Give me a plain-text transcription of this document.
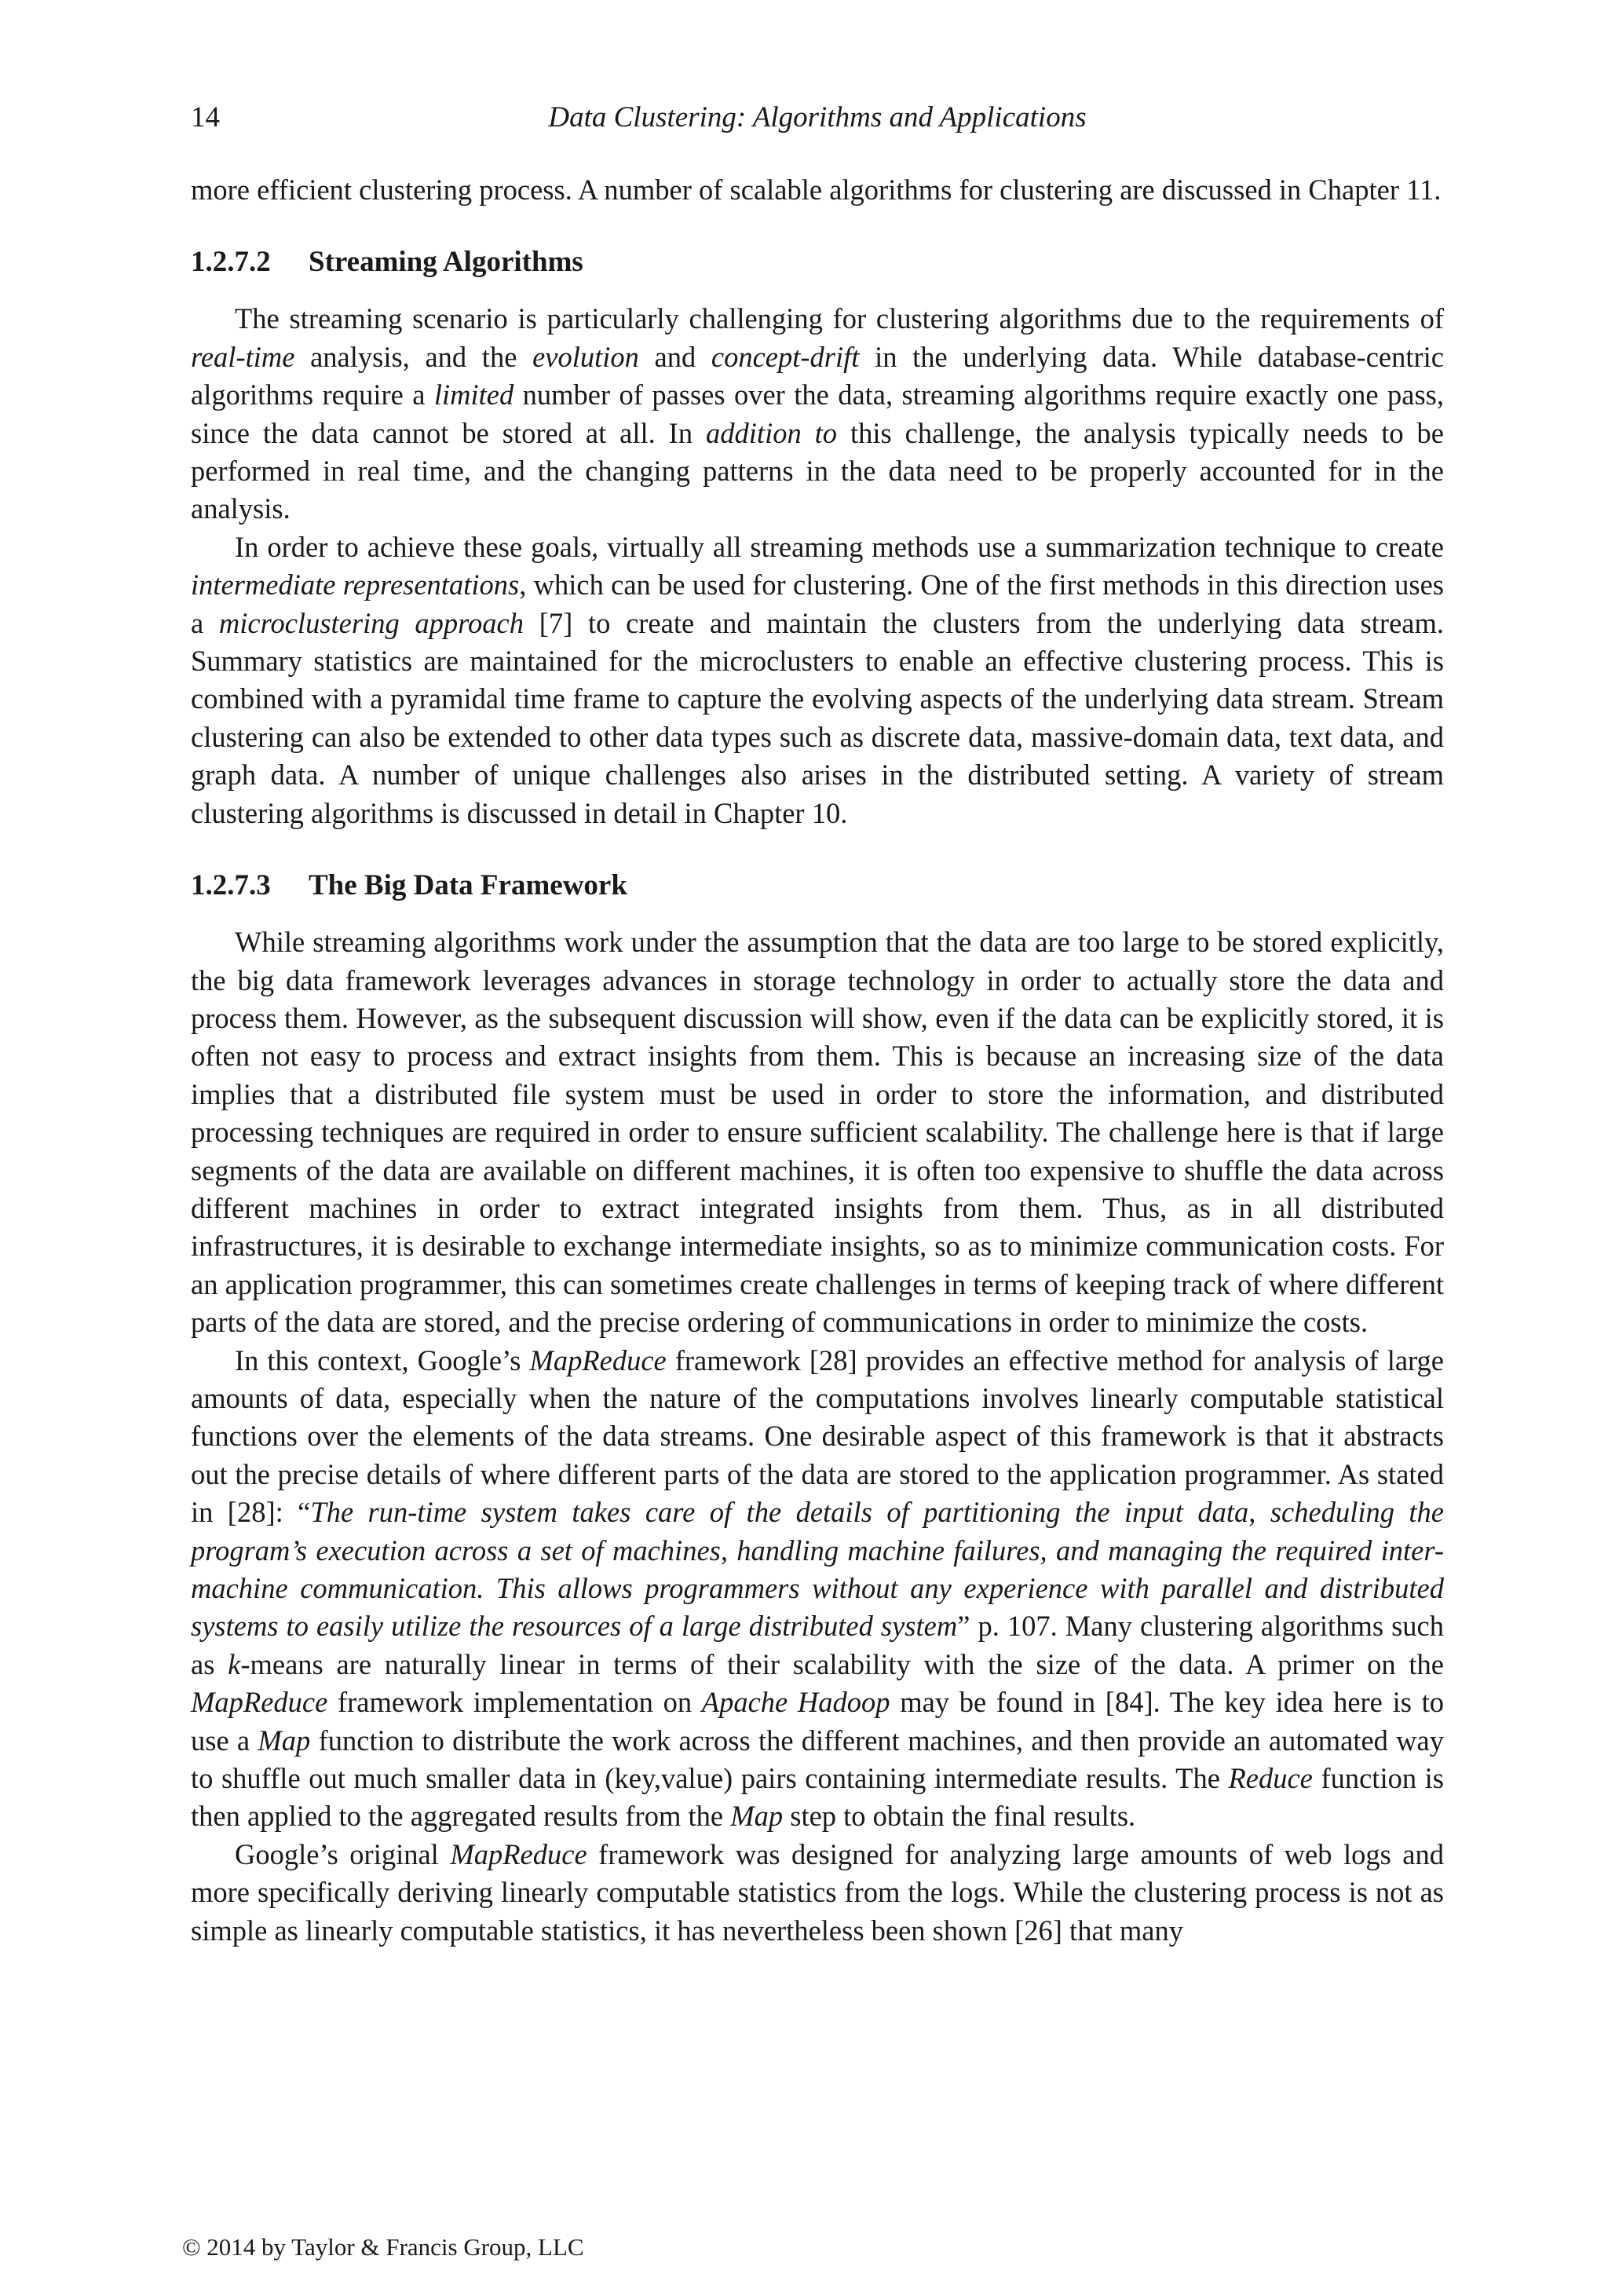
14	Data Clustering: Algorithms and Applications

more efficient clustering process. A number of scalable algorithms for clustering are discussed in Chapter 11.

1.2.7.2 Streaming Algorithms

The streaming scenario is particularly challenging for clustering algorithms due to the requirements of real-time analysis, and the evolution and concept-drift in the underlying data. While database-centric algorithms require a limited number of passes over the data, streaming algorithms require exactly one pass, since the data cannot be stored at all. In addition to this challenge, the analysis typically needs to be performed in real time, and the changing patterns in the data need to be properly accounted for in the analysis.

In order to achieve these goals, virtually all streaming methods use a summarization technique to create intermediate representations, which can be used for clustering. One of the first methods in this direction uses a microclustering approach [7] to create and maintain the clusters from the underlying data stream. Summary statistics are maintained for the microclusters to enable an effective clustering process. This is combined with a pyramidal time frame to capture the evolving aspects of the underlying data stream. Stream clustering can also be extended to other data types such as discrete data, massive-domain data, text data, and graph data. A number of unique challenges also arises in the distributed setting. A variety of stream clustering algorithms is discussed in detail in Chapter 10.

1.2.7.3 The Big Data Framework

While streaming algorithms work under the assumption that the data are too large to be stored explicitly, the big data framework leverages advances in storage technology in order to actually store the data and process them. However, as the subsequent discussion will show, even if the data can be explicitly stored, it is often not easy to process and extract insights from them. This is because an increasing size of the data implies that a distributed file system must be used in order to store the information, and distributed processing techniques are required in order to ensure sufficient scalability. The challenge here is that if large segments of the data are available on different machines, it is often too expensive to shuffle the data across different machines in order to extract integrated insights from them. Thus, as in all distributed infrastructures, it is desirable to exchange intermediate insights, so as to minimize communication costs. For an application programmer, this can sometimes create challenges in terms of keeping track of where different parts of the data are stored, and the precise ordering of communications in order to minimize the costs.

In this context, Google’s MapReduce framework [28] provides an effective method for analysis of large amounts of data, especially when the nature of the computations involves linearly computable statistical functions over the elements of the data streams. One desirable aspect of this framework is that it abstracts out the precise details of where different parts of the data are stored to the application programmer. As stated in [28]: “The run-time system takes care of the details of partitioning the input data, scheduling the program’s execution across a set of machines, handling machine failures, and managing the required inter-machine communication. This allows programmers without any experience with parallel and distributed systems to easily utilize the resources of a large distributed system” p. 107. Many clustering algorithms such as k-means are naturally linear in terms of their scalability with the size of the data. A primer on the MapReduce framework implementation on Apache Hadoop may be found in [84]. The key idea here is to use a Map function to distribute the work across the different machines, and then provide an automated way to shuffle out much smaller data in (key,value) pairs containing intermediate results. The Reduce function is then applied to the aggregated results from the Map step to obtain the final results.

Google’s original MapReduce framework was designed for analyzing large amounts of web logs and more specifically deriving linearly computable statistics from the logs. While the clustering process is not as simple as linearly computable statistics, it has nevertheless been shown [26] that many

© 2014 by Taylor & Francis Group, LLC
